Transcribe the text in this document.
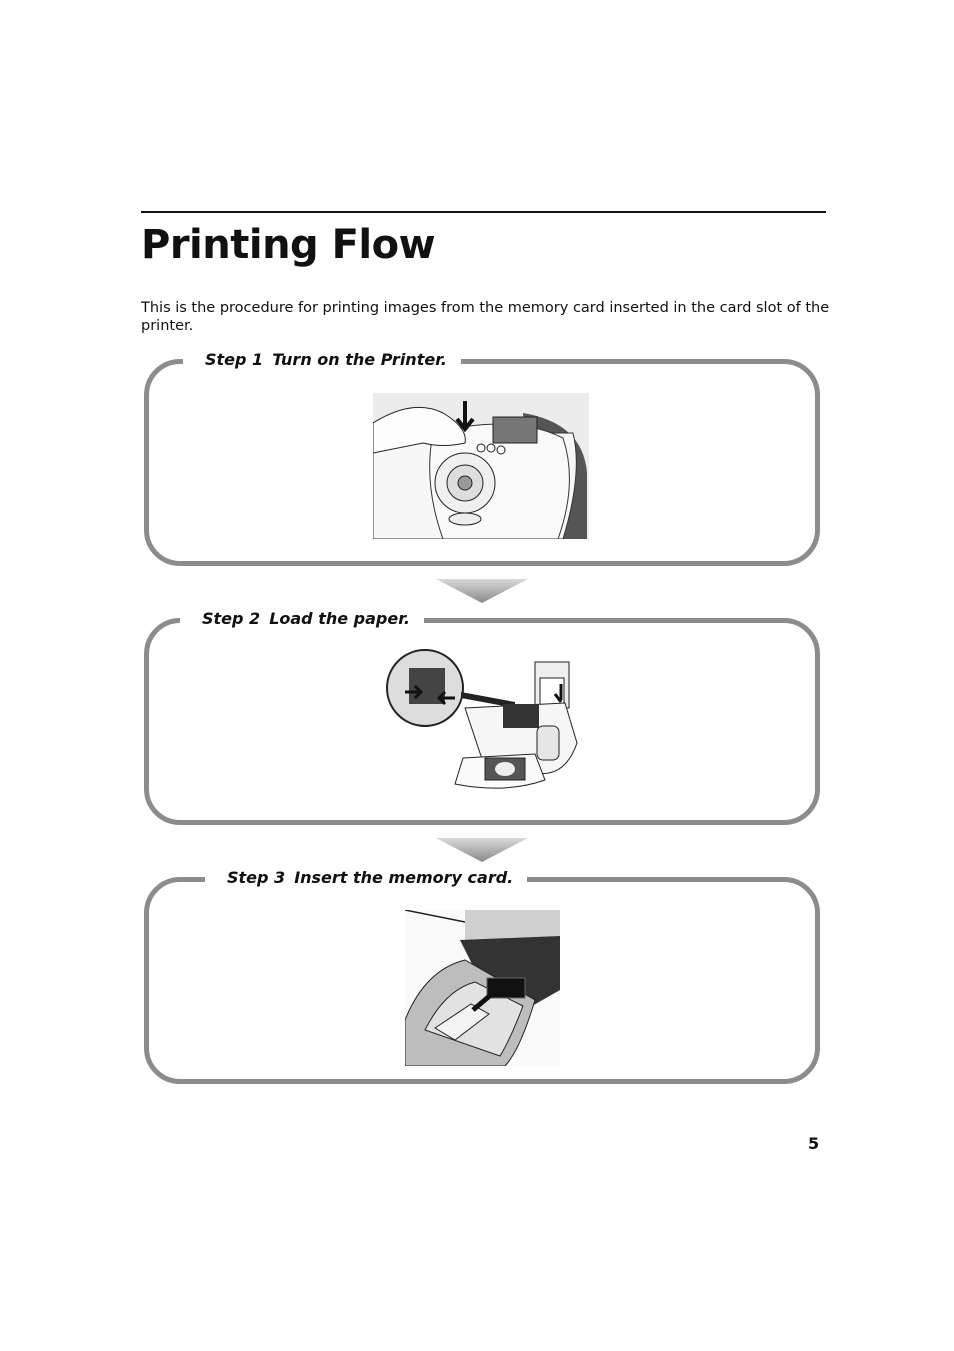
Printing Flow

This is the procedure for printing images from the memory card inserted in the card slot of the printer.

Step 1 Turn on the Printer.
Step 2 Load the paper.
Step 3 Insert the memory card.
5
